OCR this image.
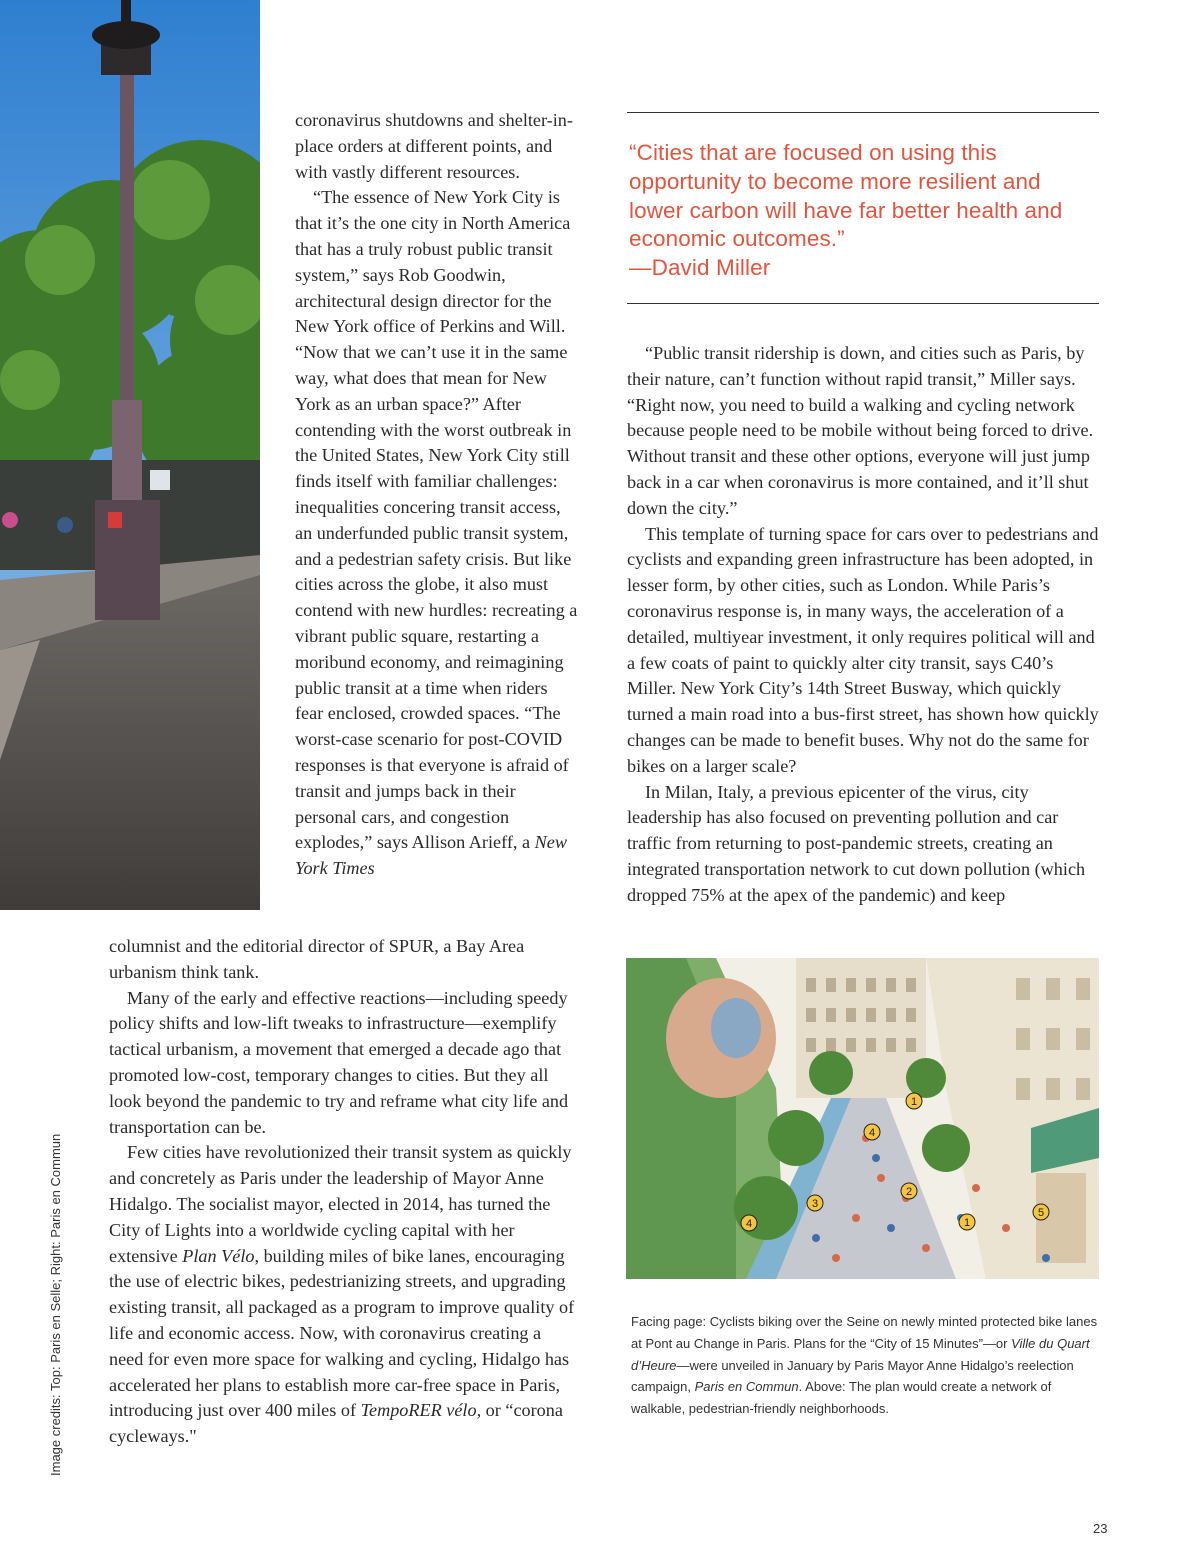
coronavirus shutdowns and shelter-in-place orders at different points, and with vastly different resources.

“The essence of New York City is that it’s the one city in North America that has a truly robust public transit system,” says Rob Goodwin, architectural design director for the New York office of Perkins and Will. “Now that we can’t use it in the same way, what does that mean for New York as an urban space?” After contending with the worst outbreak in the United States, New York City still finds itself with familiar challenges: inequalities concering transit access, an underfunded public transit system, and a pedestrian safety crisis. But like cities across the globe, it also must contend with new hurdles: recreating a vibrant public square, restarting a moribund economy, and reimagining public transit at a time when riders fear enclosed, crowded spaces. “The worst-case scenario for post-COVID responses is that everyone is afraid of transit and jumps back in their personal cars, and congestion explodes,” says Allison Arieff, a New York Times

columnist and the editorial director of SPUR, a Bay Area urbanism think tank.

Many of the early and effective reactions—including speedy policy shifts and low-lift tweaks to infrastructure—exemplify tactical urbanism, a movement that emerged a decade ago that promoted low-cost, temporary changes to cities. But they all look beyond the pandemic to try and reframe what city life and transportation can be.

Few cities have revolutionized their transit system as quickly and concretely as Paris under the leadership of Mayor Anne Hidalgo. The socialist mayor, elected in 2014, has turned the City of Lights into a worldwide cycling capital with her extensive Plan Vélo, building miles of bike lanes, encouraging the use of electric bikes, pedestrianizing streets, and upgrading existing transit, all packaged as a program to improve quality of life and economic access. Now, with coronavirus creating a need for even more space for walking and cycling, Hidalgo has accelerated her plans to establish more car-free space in Paris, introducing just over 400 miles of TempoRER vélo, or “corona cycleways."

“Cities that are focused on using this opportunity to become more resilient and lower carbon will have far better health and economic outcomes.”
—David Miller

“Public transit ridership is down, and cities such as Paris, by their nature, can’t function without rapid transit,” Miller says. “Right now, you need to build a walking and cycling network because people need to be mobile without being forced to drive. Without transit and these other options, everyone will just jump back in a car when coronavirus is more contained, and it’ll shut down the city.”

This template of turning space for cars over to pedestrians and cyclists and expanding green infrastructure has been adopted, in lesser form, by other cities, such as London. While Paris’s coronavirus response is, in many ways, the acceleration of a detailed, multiyear investment, it only requires political will and a few coats of paint to quickly alter city transit, says C40’s Miller. New York City’s 14th Street Busway, which quickly turned a main road into a bus-first street, has shown how quickly changes can be made to benefit buses. Why not do the same for bikes on a larger scale?

In Milan, Italy, a previous epicenter of the virus, city leadership has also focused on preventing pollution and car traffic from returning to post-pandemic streets, creating an integrated transportation network to cut down pollution (which dropped 75% at the apex of the pandemic) and keep

1
4
2
3
4	1
5

Facing page: Cyclists biking over the Seine on newly minted protected bike lanes at Pont au Change in Paris. Plans for the “City of 15 Minutes”—or Ville du Quart d’Heure—were unveiled in January by Paris Mayor Anne Hidalgo’s reelection campaign, Paris en Commun. Above: The plan would create a network of walkable, pedestrian-friendly neighborhoods.

Image credits: Top: Paris en Selle; Right: Paris en Commun
23
